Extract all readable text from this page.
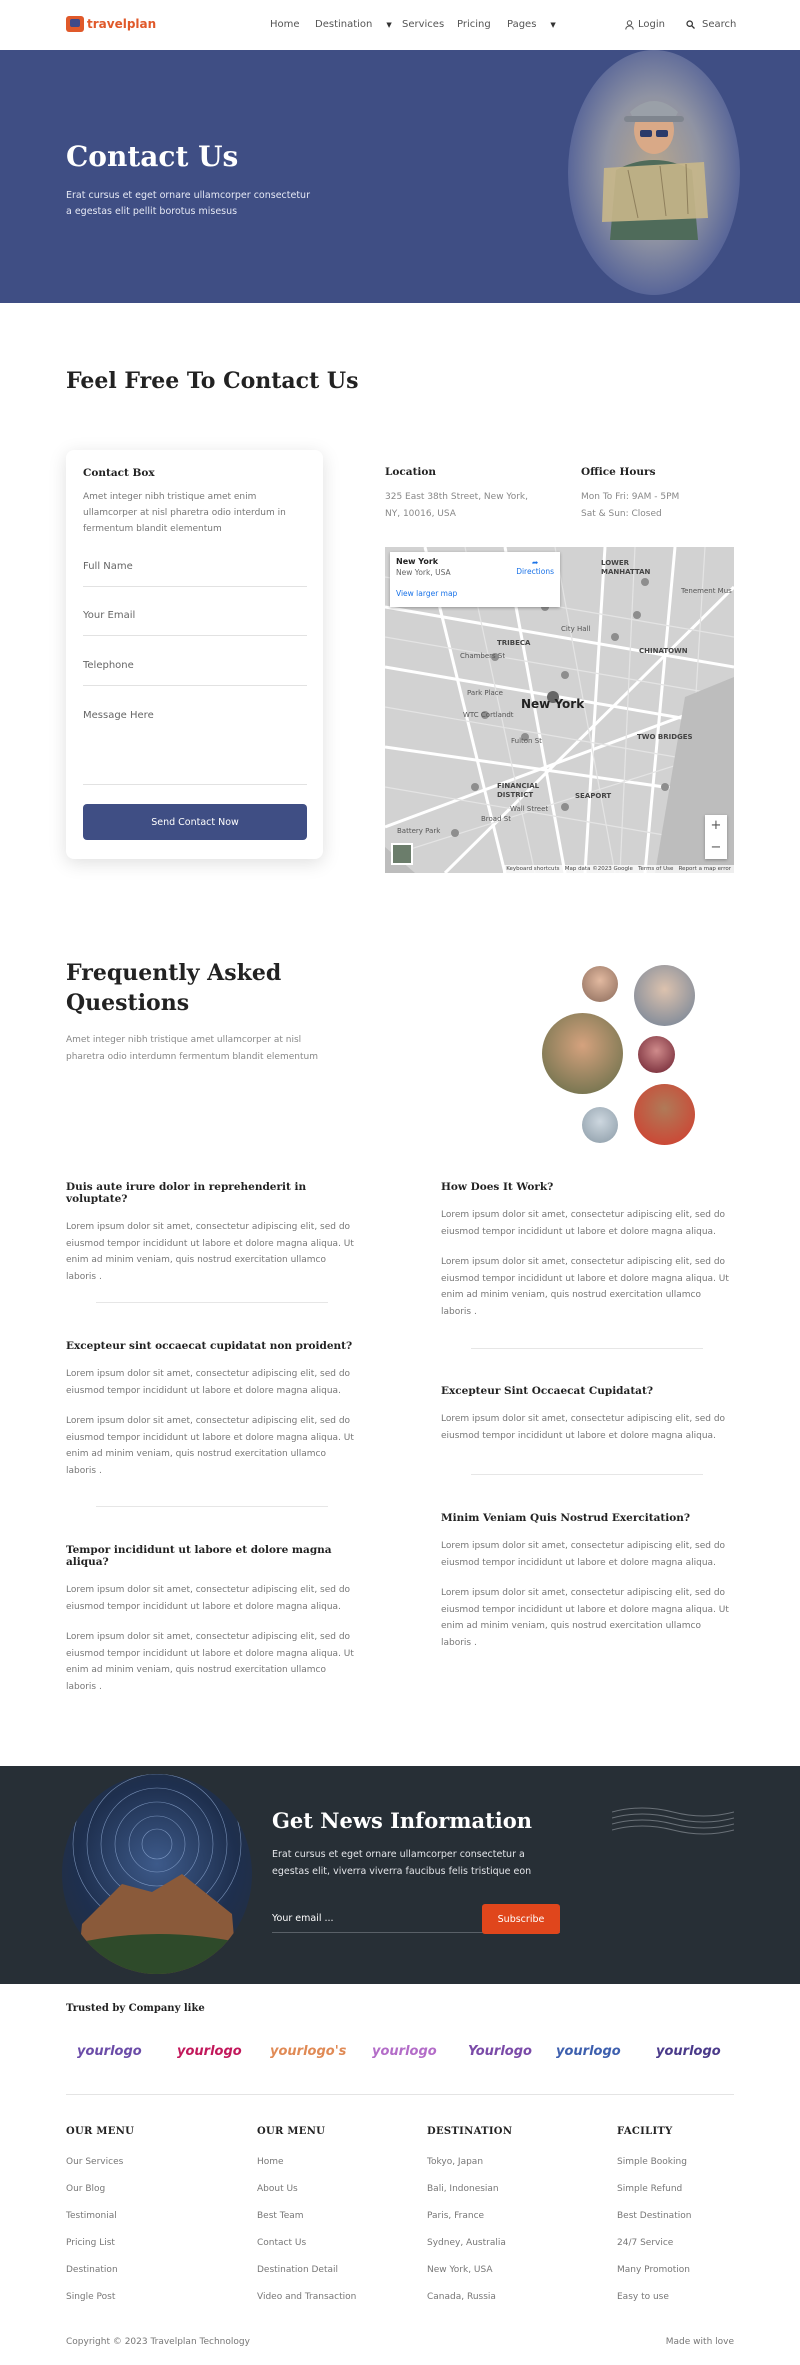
travelplan	Home Destination ▼ Services Pricing Pages ▼	Login	Search
Contact Us

Erat cursus et eget ornare ullamcorper consectetur a egestas elit pellit borotus misesus

Feel Free To Contact Us
Contact Box
Amet integer nibh tristique amet enim ullamcorper at nisl pharetra odio interdum in fermentum blandit elementum
Full Name
Your Email
Telephone
Message Here
Send Contact Now
Location

325 East 38th Street, New York, NY, 10016, USA

Office Hours

Mon To Fri: 9AM - 5PM

Sat & Sun: Closed

New York
New York, USA
➦
Directions
View larger map
LOWER MANHATTAN
TRIBECA
CHINATOWN
New York
TWO BRIDGES
FINANCIAL DISTRICT	SEAPORT
Tenement Mus
Chambers St
Park Place
WTC Cortlandt
Fulton St
Wall Street
Battery Park
Broad St
City Hall
+
−
Keyboard shortcuts   Map data ©2023 Google   Terms of Use   Report a map error
Frequently Asked
Questions
Amet integer nibh tristique amet ullamcorper at nisl pharetra odio interdumn fermentum blandit elementum
Duis aute irure dolor in reprehenderit in voluptate?

Lorem ipsum dolor sit amet, consectetur adipiscing elit, sed do eiusmod tempor incididunt ut labore et dolore magna aliqua. Ut enim ad minim veniam, quis nostrud exercitation ullamco laboris .

Excepteur sint occaecat cupidatat non proident?

Lorem ipsum dolor sit amet, consectetur adipiscing elit, sed do eiusmod tempor incididunt ut labore et dolore magna aliqua.

Lorem ipsum dolor sit amet, consectetur adipiscing elit, sed do eiusmod tempor incididunt ut labore et dolore magna aliqua. Ut enim ad minim veniam, quis nostrud exercitation ullamco laboris .

Tempor incididunt ut labore et dolore magna aliqua?

Lorem ipsum dolor sit amet, consectetur adipiscing elit, sed do eiusmod tempor incididunt ut labore et dolore magna aliqua.

Lorem ipsum dolor sit amet, consectetur adipiscing elit, sed do eiusmod tempor incididunt ut labore et dolore magna aliqua. Ut enim ad minim veniam, quis nostrud exercitation ullamco laboris .

How Does It Work?

Lorem ipsum dolor sit amet, consectetur adipiscing elit, sed do eiusmod tempor incididunt ut labore et dolore magna aliqua.

Lorem ipsum dolor sit amet, consectetur adipiscing elit, sed do eiusmod tempor incididunt ut labore et dolore magna aliqua. Ut enim ad minim veniam, quis nostrud exercitation ullamco laboris .

Excepteur Sint Occaecat Cupidatat?

Lorem ipsum dolor sit amet, consectetur adipiscing elit, sed do eiusmod tempor incididunt ut labore et dolore magna aliqua.

Minim Veniam Quis Nostrud Exercitation?

Lorem ipsum dolor sit amet, consectetur adipiscing elit, sed do eiusmod tempor incididunt ut labore et dolore magna aliqua.

Lorem ipsum dolor sit amet, consectetur adipiscing elit, sed do eiusmod tempor incididunt ut labore et dolore magna aliqua. Ut enim ad minim veniam, quis nostrud exercitation ullamco laboris .

Get News Information

Erat cursus et eget ornare ullamcorper consectetur a egestas elit, viverra viverra faucibus felis tristique eon

Your email ...	Subscribe
Trusted by Company like
yourlogo	yourlogo yourlogo's yourlogo Yourlogo yourlogo	yourlogo
OUR MENU
Our Services
Our Blog
Testimonial
Pricing List
Destination
Single Post
OUR MENU
Home
About Us
Best Team
Contact Us
Destination Detail
Video and Transaction
DESTINATION
Tokyo, Japan
Bali, Indonesian
Paris, France
Sydney, Australia
New York, USA
Canada, Russia
FACILITY
Simple Booking
Simple Refund
Best Destination
24/7 Service
Many Promotion
Easy to use
Copyright © 2023 Travelplan Technology	Made with love
